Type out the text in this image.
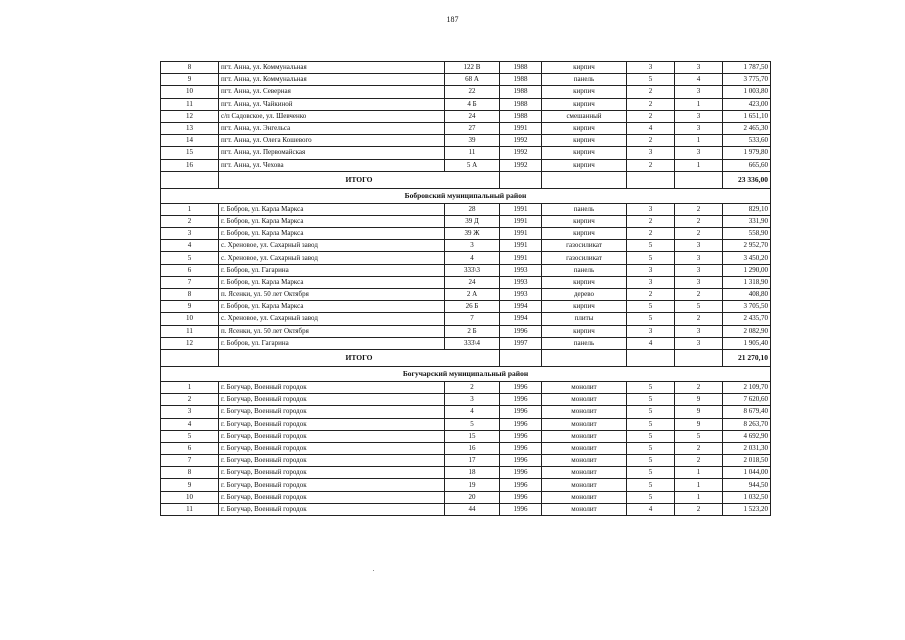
187
8	пгт. Анна, ул. Коммунальная	122 В	1988	кирпич	3	3	1 787,50
9	пгт. Анна, ул. Коммунальная	68 А	1988	панель	5	4	3 775,70
10	пгт. Анна, ул. Северная	22	1988	кирпич	2	3	1 003,80
11	пгт. Анна, ул. Чайкиной	4 Б	1988	кирпич	2	1	423,00
12	с/п Садовское, ул. Шевченко	24	1988	смешанный	2	3	1 651,10
13	пгт. Анна, ул. Энгельса	27	1991	кирпич	4	3	2 465,30
14	пгт. Анна, ул. Олега Кошевого	39	1992	кирпич	2	1	533,60
15	пгт. Анна, ул. Первомайская	11	1992	кирпич	3	3	1 979,80
16	пгт. Анна, ул. Чехова	5 А	1992	кирпич	2	1	665,60
	ИТОГО						23 336,00
Бобровский муниципальный район							
1	г. Бобров, ул. Карла Маркса	28	1991	панель	3	2	829,10
2	г. Бобров, ул. Карла Маркса	39 Д	1991	кирпич	2	2	331,90
3	г. Бобров, ул. Карла Маркса	39 Ж	1991	кирпич	2	2	558,90
4	с. Хреновое, ул. Сахарный завод	3	1991	газосиликат	5	3	2 952,70
5	с. Хреновое, ул. Сахарный завод	4	1991	газосиликат	5	3	3 450,20
6	г. Бобров, ул. Гагарина	333\3	1993	панель	3	3	1 290,00
7	г. Бобров, ул. Карла Маркса	24	1993	кирпич	3	3	1 318,90
8	п. Ясенки, ул. 50 лет Октября	2 А	1993	дерево	2	2	408,80
9	г. Бобров, ул. Карла Маркса	26 Б	1994	кирпич	5	5	3 705,50
10	с. Хреновое, ул. Сахарный завод	7	1994	плиты	5	2	2 435,70
11	п. Ясенки, ул. 50 лет Октября	2 Б	1996	кирпич	3	3	2 082,90
12	г. Бобров, ул. Гагарина	333\4	1997	панель	4	3	1 905,40
	ИТОГО						21 270,10
Богучарский муниципальный район							
1	г. Богучар, Военный городок	2	1996	монолит	5	2	2 109,70
2	г. Богучар, Военный городок	3	1996	монолит	5	9	7 620,60
3	г. Богучар, Военный городок	4	1996	монолит	5	9	8 679,40
4	г. Богучар, Военный городок	5	1996	монолит	5	9	8 263,70
5	г. Богучар, Военный городок	15	1996	монолит	5	5	4 692,90
6	г. Богучар, Военный городок	16	1996	монолит	5	2	2 031,30
7	г. Богучар, Военный городок	17	1996	монолит	5	2	2 018,50
8	г. Богучар, Военный городок	18	1996	монолит	5	1	1 044,00
9	г. Богучар, Военный городок	19	1996	монолит	5	1	944,50
10	г. Богучар, Военный городок	20	1996	монолит	5	1	1 032,50
11	г. Богучар, Военный городок	44	1996	монолит	4	2	1 523,20
